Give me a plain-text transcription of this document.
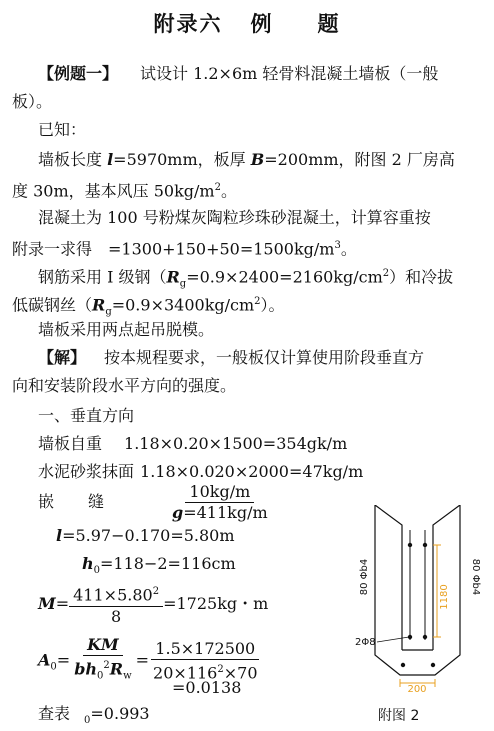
附录六 例 题
【例题一】 试设计 1.2×6m 轻骨料混凝土墙板（一般
板）。
已知：
墙板长度 l=5970mm，板厚 B=200mm，附图 2 厂房高
度 30m，基本风压 $50kg/m^2$。
混凝土为 100 号粉煤灰陶粒珍珠砂混凝土，计算容重按
附录一求得　$=1300+150+50=1500kg/m^3$。
钢筋采用 I 级钢$(R_g=0.9\times 2400=2160kg/cm^2)$和冷拔
低碳钢丝$(R_g=0.9\times 3400kg/cm^2)$。
墙板采用两点起吊脱模。
【解】 按本规程要求，一般板仅计算使用阶段垂直方
向和安装阶段水平方向的强度。
一、垂直方向
墙板自重 1.18×0.20×1500=354gk/m
水泥砂浆抹面 1.18×0.020×2000=47kg/m
嵌 缝	$\frac{10kg/m}{g=411kg/m}$
l=5.97−0.170=5.80m
$h_0=118-2=116cm$
$M= \frac{411\times 5.80^2}{8} =1725kg$・m
$A_0= \frac{KM}{bh_0^2R_w} = \frac{1.5\times 172500}{20\times 116^2\times 70}$
=0.0138
查表 $_0$=0.993
1180
200
80 Φb4	80 Φb4
2Φ8
附图 2
